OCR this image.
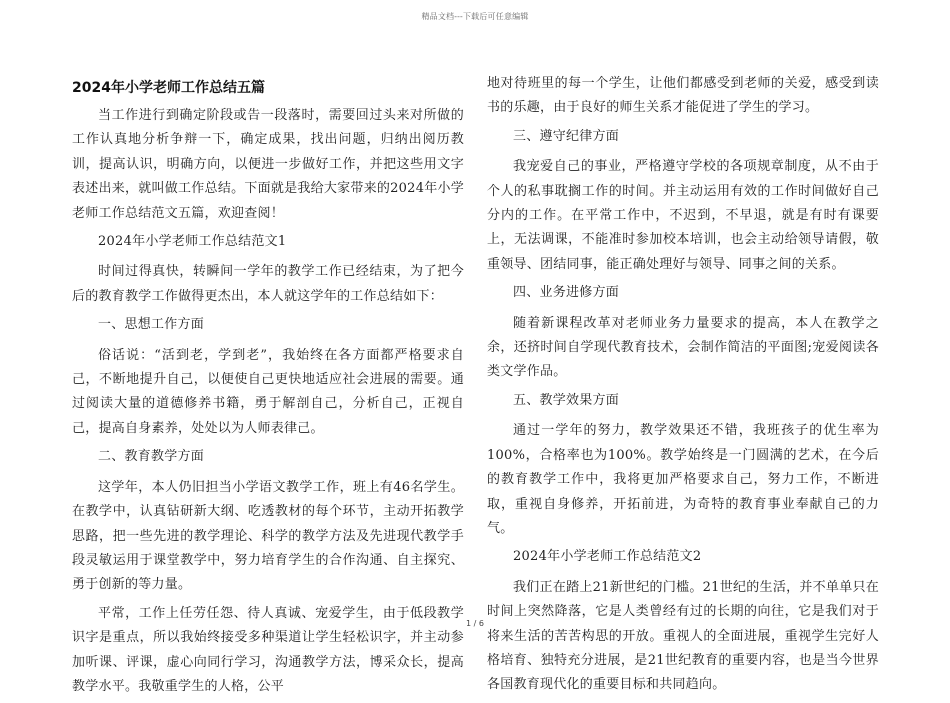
精品文档---下载后可任意编辑
2024年小学老师工作总结五篇

当工作进行到确定阶段或告一段落时，需要回过头来对所做的工作认真地分析争辩一下，确定成果，找出问题，归纳出阅历教训，提高认识，明确方向，以便进一步做好工作，并把这些用文字表述出来，就叫做工作总结。下面就是我给大家带来的2024年小学老师工作总结范文五篇，欢迎查阅！

2024年小学老师工作总结范文1

时间过得真快，转瞬间一学年的教学工作已经结束，为了把今后的教育教学工作做得更杰出，本人就这学年的工作总结如下：

一、思想工作方面

俗话说：“活到老，学到老”，我始终在各方面都严格要求自己，不断地提升自己，以便使自己更快地适应社会进展的需要。通过阅读大量的道德修养书籍，勇于解剖自己，分析自己，正视自己，提高自身素养，处处以为人师表律己。

二、教育教学方面

这学年，本人仍旧担当小学语文教学工作，班上有46名学生。在教学中，认真钻研新大纲、吃透教材的每个环节，主动开拓教学思路，把一些先进的教学理论、科学的教学方法及先进现代教学手段灵敏运用于课堂教学中，努力培育学生的合作沟通、自主探究、勇于创新的等力量。

平常，工作上任劳任怨、待人真诚、宠爱学生，由于低段教学识字是重点，所以我始终接受多种渠道让学生轻松识字，并主动参加听课、评课，虚心向同行学习，沟通教学方法，博采众长，提高教学水平。我敬重学生的人格，公平

地对待班里的每一个学生，让他们都感受到老师的关爱，感受到读书的乐趣，由于良好的师生关系才能促进了学生的学习。

三、遵守纪律方面

我宠爱自己的事业，严格遵守学校的各项规章制度，从不由于个人的私事耽搁工作的时间。并主动运用有效的工作时间做好自己分内的工作。在平常工作中，不迟到，不早退，就是有时有课要上，无法调课，不能准时参加校本培训，也会主动给领导请假，敬重领导、团结同事，能正确处理好与领导、同事之间的关系。

四、业务进修方面

随着新课程改革对老师业务力量要求的提高，本人在教学之余，还挤时间自学现代教育技术，会制作简洁的平面图;宠爱阅读各类文学作品。

五、教学效果方面

通过一学年的努力，教学效果还不错，我班孩子的优生率为100%，合格率也为100%。教学始终是一门圆满的艺术，在今后的教育教学工作中，我将更加严格要求自己，努力工作，不断进取，重视自身修养，开拓前进，为奇特的教育事业奉献自己的力气。

2024年小学老师工作总结范文2

我们正在踏上21新世纪的门槛。21世纪的生活，并不单单只在时间上突然降落，它是人类曾经有过的长期的向往，它是我们对于将来生活的苦苦构思的开放。重视人的全面进展，重视学生完好人格培育、独特充分进展，是21世纪教育的重要内容，也是当今世界各国教育现代化的重要目标和共同趋向。

1 / 6
